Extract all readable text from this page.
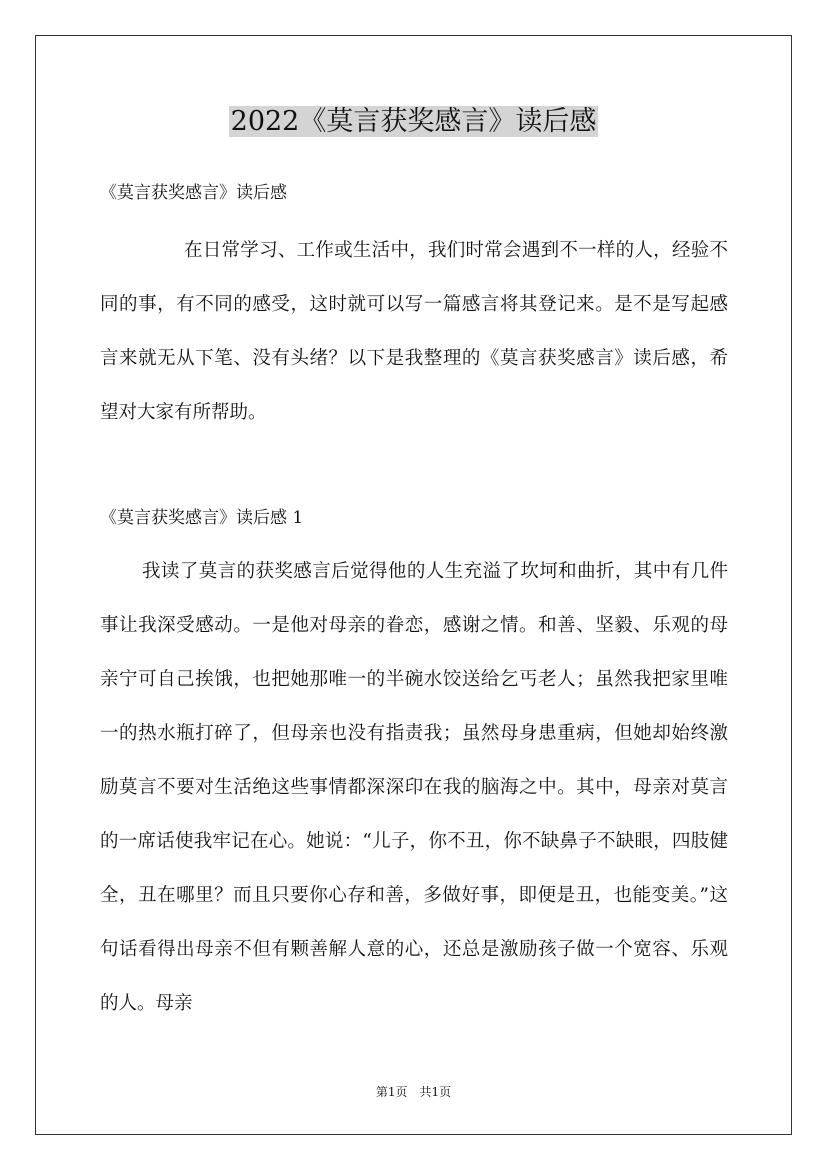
2022《莫言获奖感言》读后感

《莫言获奖感言》读后感

在日常学习、工作或生活中，我们时常会遇到不一样的人，经验不同的事，有不同的感受，这时就可以写一篇感言将其登记来。是不是写起感言来就无从下笔、没有头绪？以下是我整理的《莫言获奖感言》读后感，希望对大家有所帮助。

《莫言获奖感言》读后感 1

我读了莫言的获奖感言后觉得他的人生充溢了坎坷和曲折，其中有几件事让我深受感动。一是他对母亲的眷恋，感谢之情。和善、坚毅、乐观的母亲宁可自己挨饿，也把她那唯一的半碗水饺送给乞丐老人；虽然我把家里唯一的热水瓶打碎了，但母亲也没有指责我；虽然母身患重病，但她却始终激励莫言不要对生活绝这些事情都深深印在我的脑海之中。其中，母亲对莫言的一席话使我牢记在心。她说：“儿子，你不丑，你不缺鼻子不缺眼，四肢健全，丑在哪里？而且只要你心存和善，多做好事，即便是丑，也能变美。”这句话看得出母亲不但有颗善解人意的心，还总是激励孩子做一个宽容、乐观的人。母亲

第1页　共1页
